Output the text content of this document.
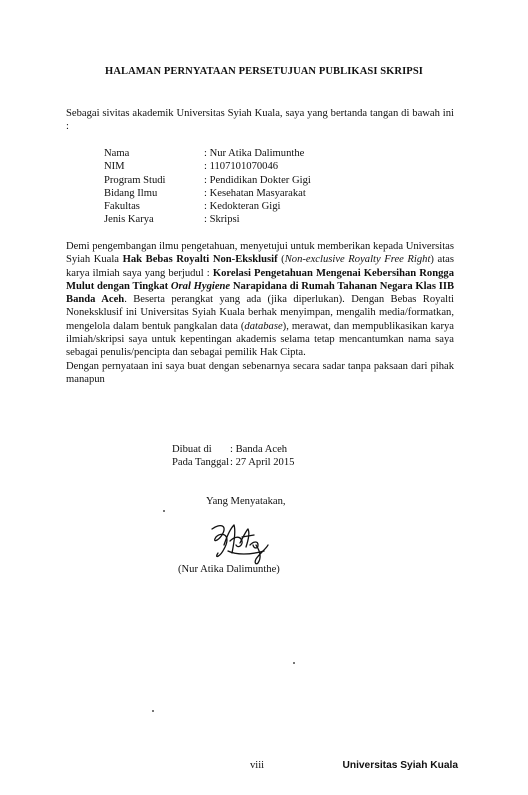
HALAMAN PERNYATAAN PERSETUJUAN PUBLIKASI SKRIPSI

Sebagai sivitas akademik Universitas Syiah Kuala, saya yang bertanda tangan di bawah ini :

Nama	: Nur Atika Dalimunthe
NIM	: 1107101070046
Program Studi	: Pendidikan Dokter Gigi
Bidang Ilmu	: Kesehatan Masyarakat
Fakultas	: Kedokteran Gigi
Jenis Karya	: Skripsi

Demi pengembangan ilmu pengetahuan, menyetujui untuk memberikan kepada Universitas Syiah Kuala Hak Bebas Royalti Non-Eksklusif (Non-exclusive Royalty Free Right) atas karya ilmiah saya yang berjudul : Korelasi Pengetahuan Mengenai Kebersihan Rongga Mulut dengan Tingkat Oral Hygiene Narapidana di Rumah Tahanan Negara Klas IIB Banda Aceh. Beserta perangkat yang ada (jika diperlukan). Dengan Bebas Royalti Noneksklusif ini Universitas Syiah Kuala berhak menyimpan, mengalih media/formatkan, mengelola dalam bentuk pangkalan data (database), merawat, dan mempublikasikan karya ilmiah/skripsi saya untuk kepentingan akademis selama tetap mencantumkan nama saya sebagai penulis/pencipta dan sebagai pemilik Hak Cipta.

Dengan pernyataan ini saya buat dengan sebenarnya secara sadar tanpa paksaan dari pihak manapun

Dibuat di	: Banda Aceh
Pada Tanggal : 27 April 2015
Yang Menyatakan,
(Nur Atika Dalimunthe)
viii	Universitas Syiah Kuala
